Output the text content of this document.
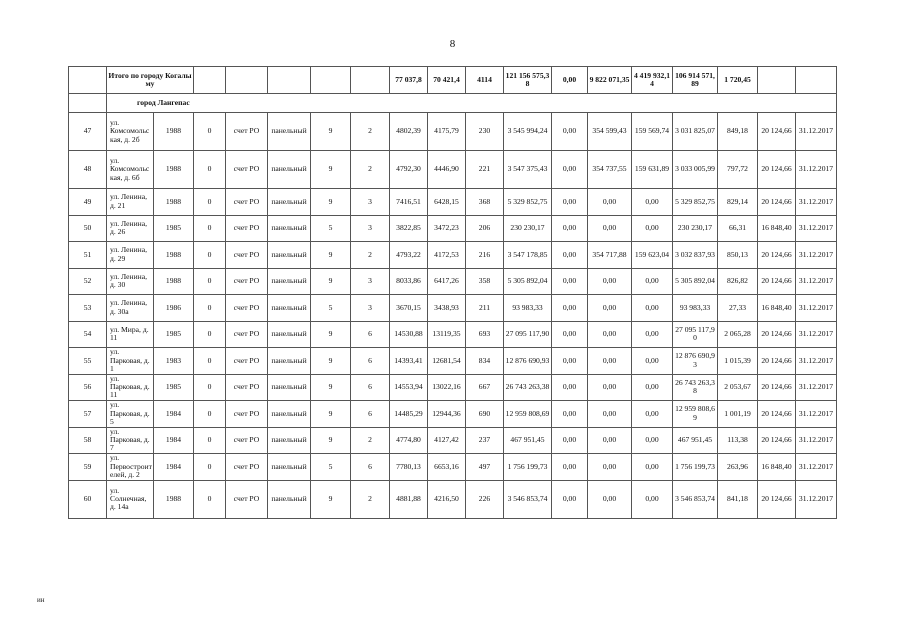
8
	Итого по городу Когалыму							77 037,8	70 421,4	4114	121 156 575,38	0,00	9 822 071,35	4 419 932,14	106 914 571,89	1 720,45		
	город Лангепас																	
47	ул. Комсомольская, д. 2б	1988	0	счет РО	панельный	9	2	4802,39	4175,79	230	3 545 994,24	0,00	354 599,43	159 569,74	3 031 825,07	849,18	20 124,66	31.12.2017
48	ул. Комсомольская, д. 6б	1988	0	счет РО	панельный	9	2	4792,30	4446,90	221	3 547 375,43	0,00	354 737,55	159 631,89	3 033 005,99	797,72	20 124,66	31.12.2017
49	ул. Ленина, д. 21	1988	0	счет РО	панельный	9	3	7416,51	6428,15	368	5 329 852,75	0,00	0,00	0,00	5 329 852,75	829,14	20 124,66	31.12.2017
50	ул. Ленина, д. 26	1985	0	счет РО	панельный	5	3	3822,85	3472,23	206	230 230,17	0,00	0,00	0,00	230 230,17	66,31	16 848,40	31.12.2017
51	ул. Ленина, д. 29	1988	0	счет РО	панельный	9	2	4793,22	4172,53	216	3 547 178,85	0,00	354 717,88	159 623,04	3 032 837,93	850,13	20 124,66	31.12.2017
52	ул. Ленина, д. 30	1988	0	счет РО	панельный	9	3	8033,86	6417,26	358	5 305 892,04	0,00	0,00	0,00	5 305 892,04	826,82	20 124,66	31.12.2017
53	ул. Ленина, д. 30а	1986	0	счет РО	панельный	5	3	3670,15	3438,93	211	93 983,33	0,00	0,00	0,00	93 983,33	27,33	16 848,40	31.12.2017
54	ул. Мира, д. 11	1985	0	счет РО	панельный	9	6	14530,88	13119,35	693	27 095 117,90	0,00	0,00	0,00	27 095 117,90	2 065,28	20 124,66	31.12.2017
55	ул. Парковая, д. 1	1983	0	счет РО	панельный	9	6	14393,41	12681,54	834	12 876 690,93	0,00	0,00	0,00	12 876 690,93	1 015,39	20 124,66	31.12.2017
56	ул. Парковая, д. 11	1985	0	счет РО	панельный	9	6	14553,94	13022,16	667	26 743 263,38	0,00	0,00	0,00	26 743 263,38	2 053,67	20 124,66	31.12.2017
57	ул. Парковая, д. 5	1984	0	счет РО	панельный	9	6	14485,29	12944,36	690	12 959 808,69	0,00	0,00	0,00	12 959 808,69	1 001,19	20 124,66	31.12.2017
58	ул. Парковая, д. 7	1984	0	счет РО	панельный	9	2	4774,80	4127,42	237	467 951,45	0,00	0,00	0,00	467 951,45	113,38	20 124,66	31.12.2017
59	ул. Первостроителей, д. 2	1984	0	счет РО	панельный	5	6	7780,13	6653,16	497	1 756 199,73	0,00	0,00	0,00	1 756 199,73	263,96	16 848,40	31.12.2017
60	ул. Солнечная, д. 14а	1988	0	счет РО	панельный	9	2	4881,88	4216,50	226	3 546 853,74	0,00	0,00	0,00	3 546 853,74	841,18	20 124,66	31.12.2017
ин
